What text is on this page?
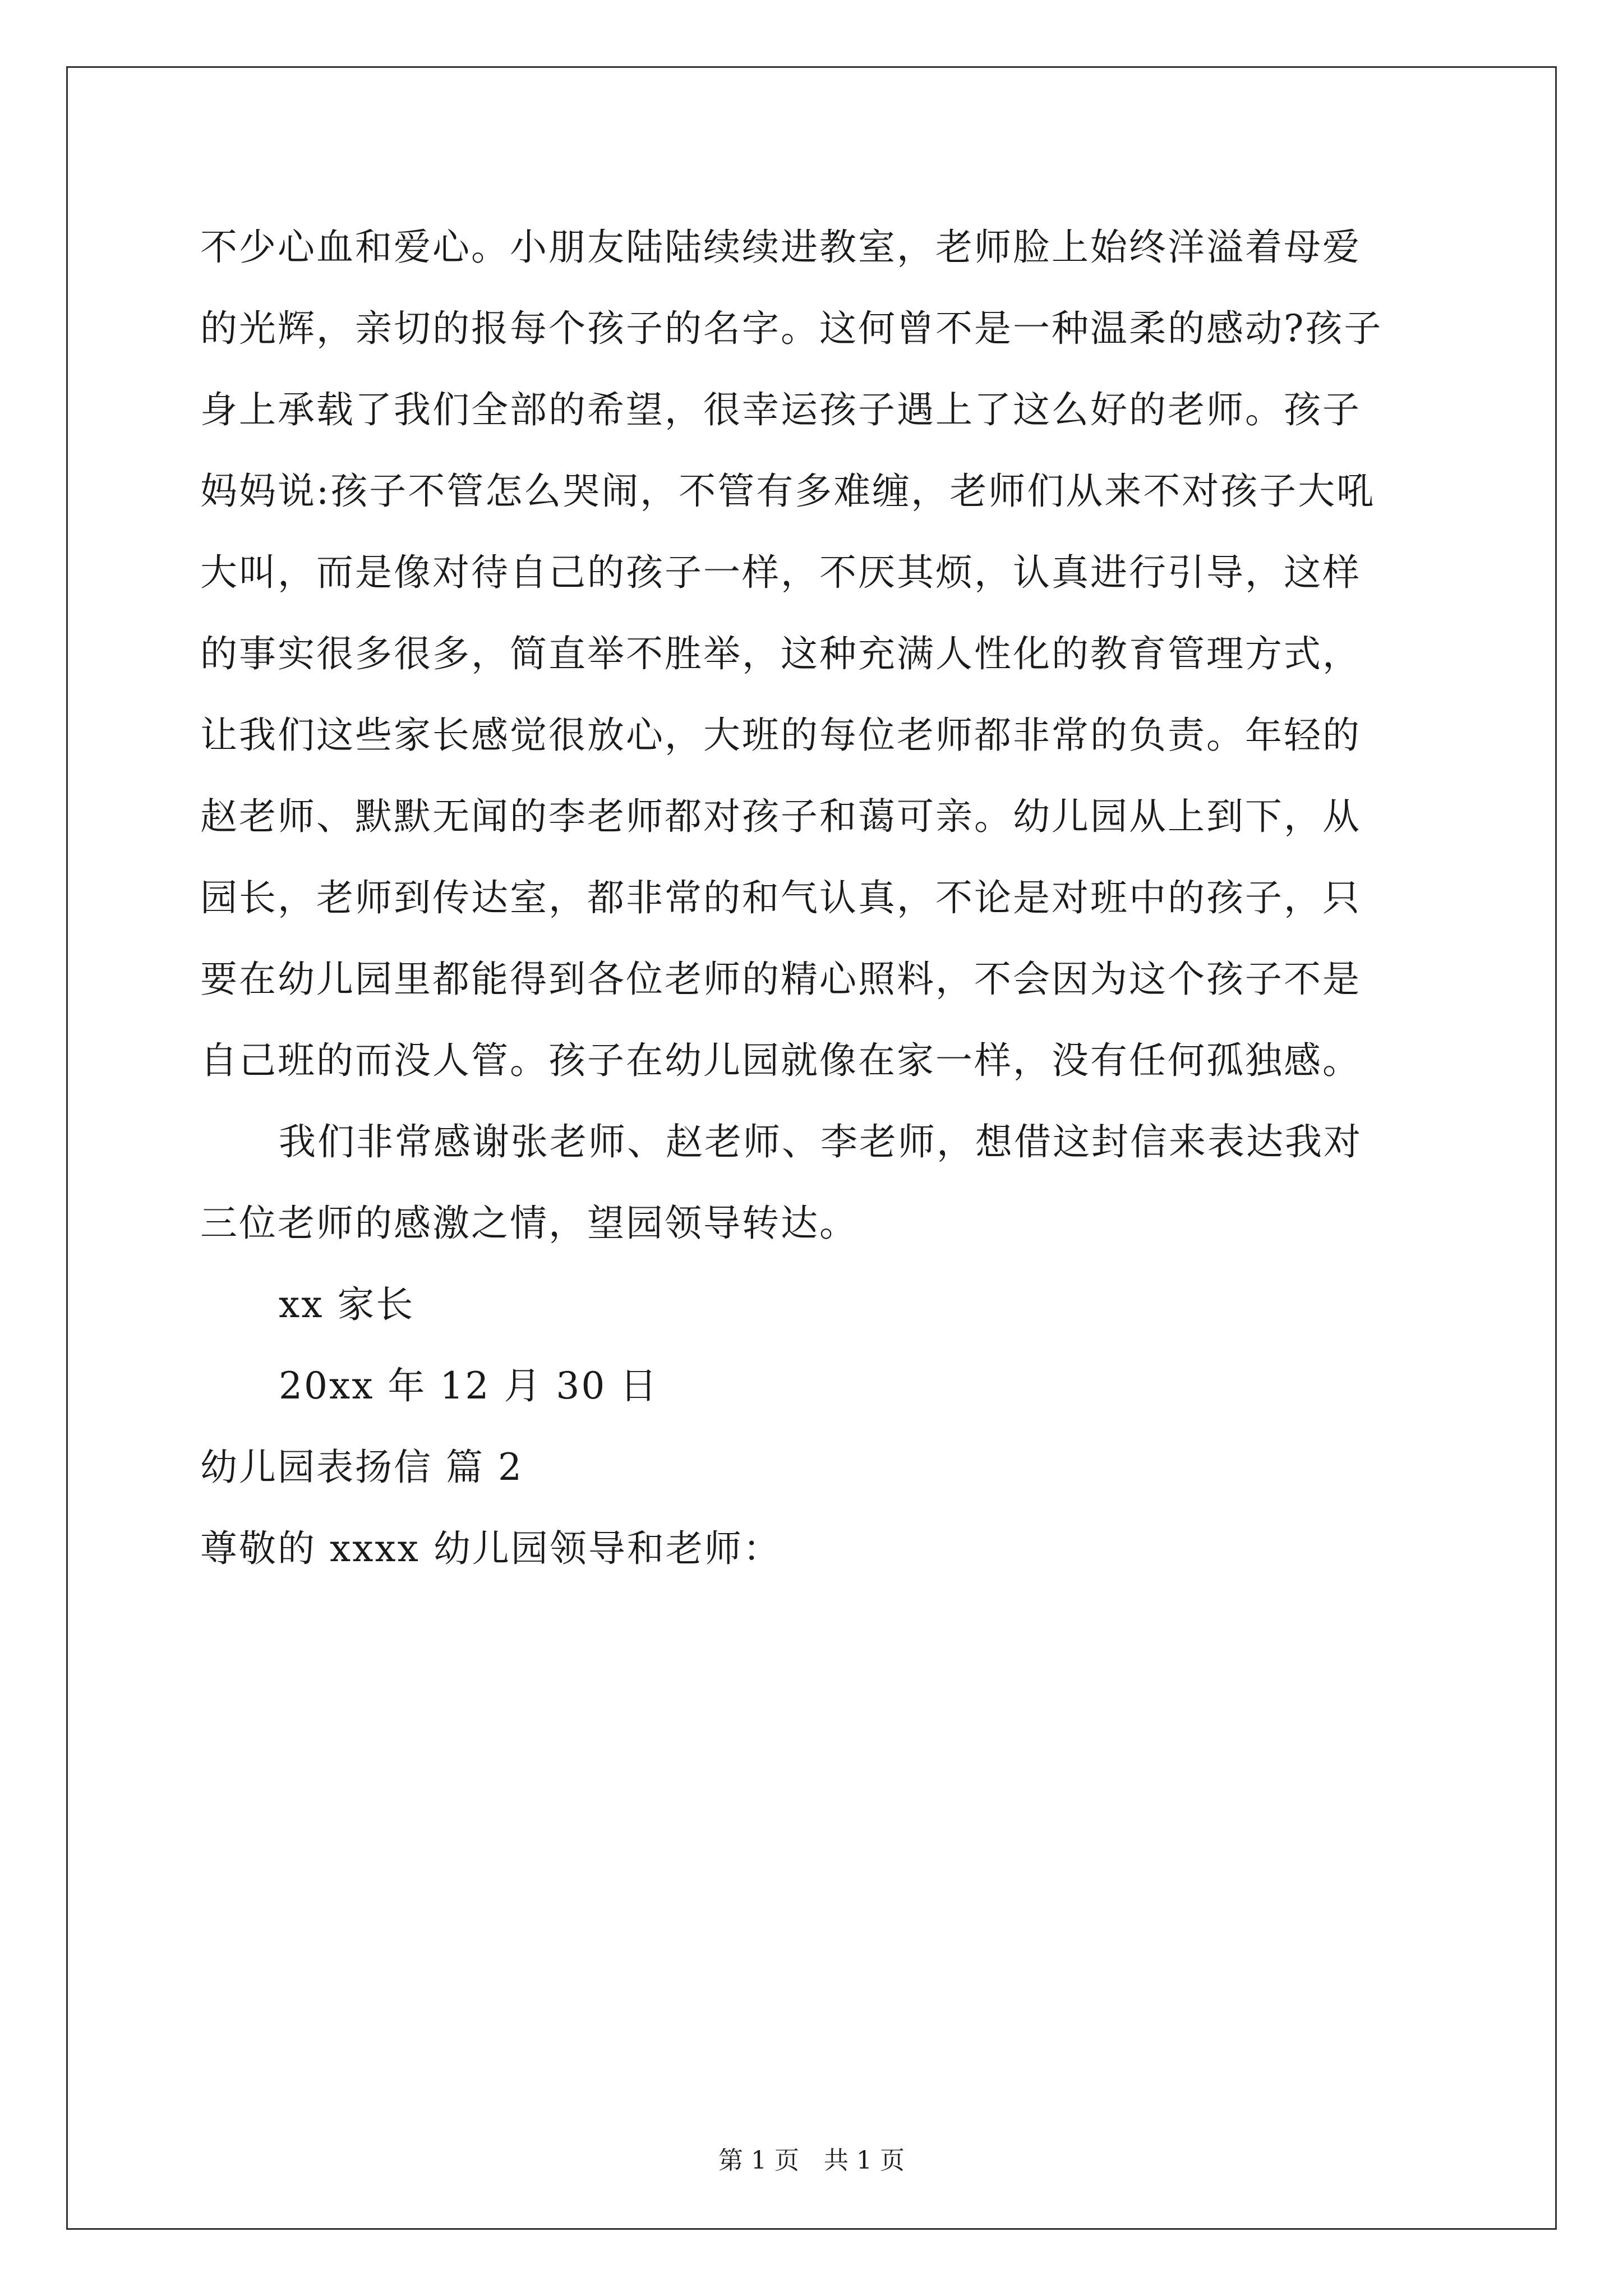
不少心血和爱心。小朋友陆陆续续进教室，老师脸上始终洋溢着母爱
的光辉，亲切的报每个孩子的名字。这何曾不是一种温柔的感动?孩子
身上承载了我们全部的希望，很幸运孩子遇上了这么好的老师。孩子
妈妈说:孩子不管怎么哭闹，不管有多难缠，老师们从来不对孩子大吼
大叫，而是像对待自己的孩子一样，不厌其烦，认真进行引导，这样
的事实很多很多，简直举不胜举，这种充满人性化的教育管理方式，
让我们这些家长感觉很放心，大班的每位老师都非常的负责。年轻的
赵老师、默默无闻的李老师都对孩子和蔼可亲。幼儿园从上到下，从
园长，老师到传达室，都非常的和气认真，不论是对班中的孩子，只
要在幼儿园里都能得到各位老师的精心照料，不会因为这个孩子不是
自己班的而没人管。孩子在幼儿园就像在家一样，没有任何孤独感。
我们非常感谢张老师、赵老师、李老师，想借这封信来表达我对
三位老师的感激之情，望园领导转达。
xx 家长
20xx 年 12 月 30 日
幼儿园表扬信 篇 2
尊敬的 xxxx 幼儿园领导和老师：
第 1 页　共 1 页
